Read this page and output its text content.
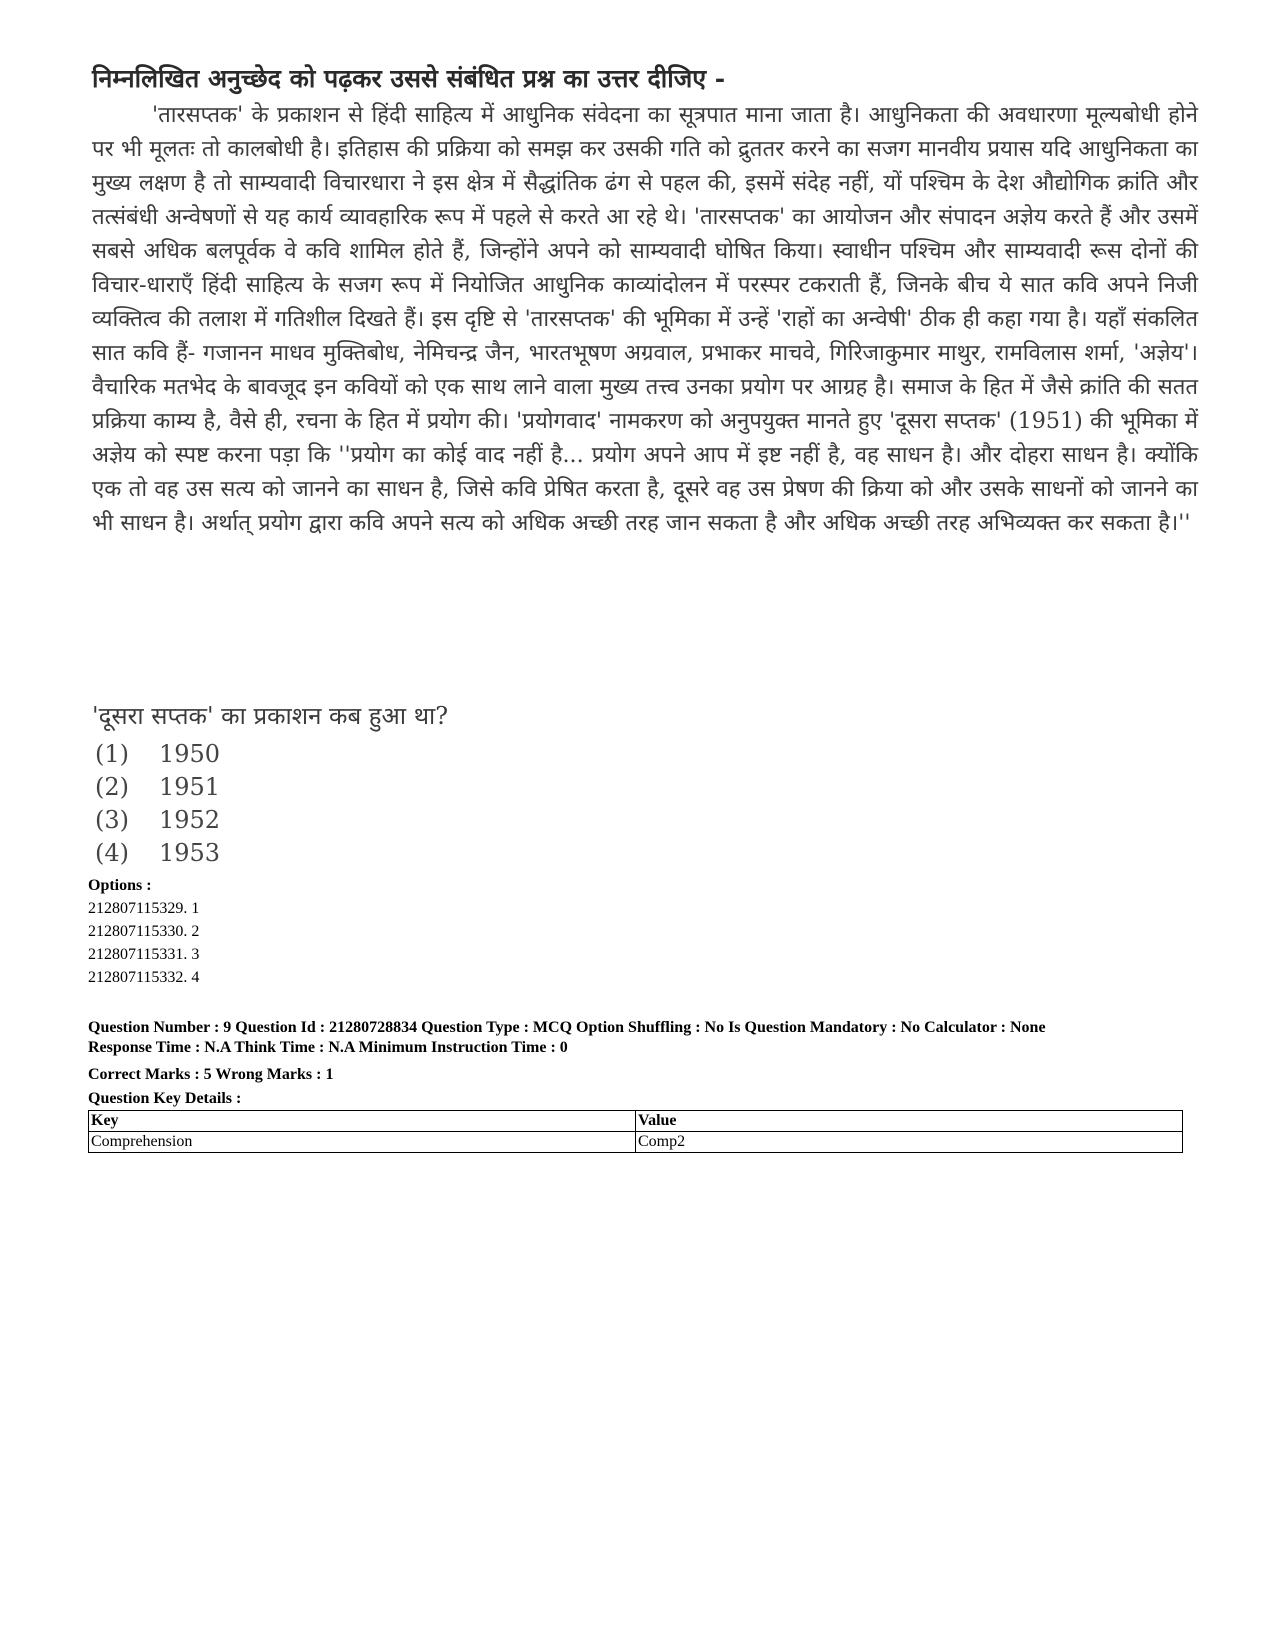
निम्नलिखित अनुच्छेद को पढ़कर उससे संबंधित प्रश्न का उत्तर दीजिए -

'तारसप्तक' के प्रकाशन से हिंदी साहित्य में आधुनिक संवेदना का सूत्रपात माना जाता है। आधुनिकता की अवधारणा मूल्यबोधी होने पर भी मूलतः तो कालबोधी है। इतिहास की प्रक्रिया को समझ कर उसकी गति को द्रुततर करने का सजग मानवीय प्रयास यदि आधुनिकता का मुख्य लक्षण है तो साम्यवादी विचारधारा ने इस क्षेत्र में सैद्धांतिक ढंग से पहल की, इसमें संदेह नहीं, यों पश्चिम के देश औद्योगिक क्रांति और तत्संबंधी अन्वेषणों से यह कार्य व्यावहारिक रूप में पहले से करते आ रहे थे। 'तारसप्तक' का आयोजन और संपादन अज्ञेय करते हैं और उसमें सबसे अधिक बलपूर्वक वे कवि शामिल होते हैं, जिन्होंने अपने को साम्यवादी घोषित किया। स्वाधीन पश्चिम और साम्यवादी रूस दोनों की विचार-धाराएँ हिंदी साहित्य के सजग रूप में नियोजित आधुनिक काव्यांदोलन में परस्पर टकराती हैं, जिनके बीच ये सात कवि अपने निजी व्यक्तित्व की तलाश में गतिशील दिखते हैं। इस दृष्टि से 'तारसप्तक' की भूमिका में उन्हें 'राहों का अन्वेषी' ठीक ही कहा गया है। यहाँ संकलित सात कवि हैं- गजानन माधव मुक्तिबोध, नेमिचन्द्र जैन, भारतभूषण अग्रवाल, प्रभाकर माचवे, गिरिजाकुमार माथुर, रामविलास शर्मा, 'अज्ञेय'। वैचारिक मतभेद के बावजूद इन कवियों को एक साथ लाने वाला मुख्य तत्त्व उनका प्रयोग पर आग्रह है। समाज के हित में जैसे क्रांति की सतत प्रक्रिया काम्य है, वैसे ही, रचना के हित में प्रयोग की। 'प्रयोगवाद' नामकरण को अनुपयुक्त मानते हुए 'दूसरा सप्तक' (1951) की भूमिका में अज्ञेय को स्पष्ट करना पड़ा कि ''प्रयोग का कोई वाद नहीं है... प्रयोग अपने आप में इष्ट नहीं है, वह साधन है। और दोहरा साधन है। क्योंकि एक तो वह उस सत्य को जानने का साधन है, जिसे कवि प्रेषित करता है, दूसरे वह उस प्रेषण की क्रिया को और उसके साधनों को जानने का भी साधन है। अर्थात् प्रयोग द्वारा कवि अपने सत्य को अधिक अच्छी तरह जान सकता है और अधिक अच्छी तरह अभिव्यक्त कर सकता है।''

'दूसरा सप्तक' का प्रकाशन कब हुआ था?

(1) 1950
(2) 1951
(3) 1952
(4) 1953
Options :
212807115329. 1
212807115330. 2
212807115331. 3
212807115332. 4
Question Number : 9 Question Id : 21280728834 Question Type : MCQ Option Shuffling : No Is Question Mandatory : No Calculator : None
Response Time : N.A Think Time : N.A Minimum Instruction Time : 0
Correct Marks : 5 Wrong Marks : 1
Question Key Details :
Key	Value
Comprehension	Comp2
